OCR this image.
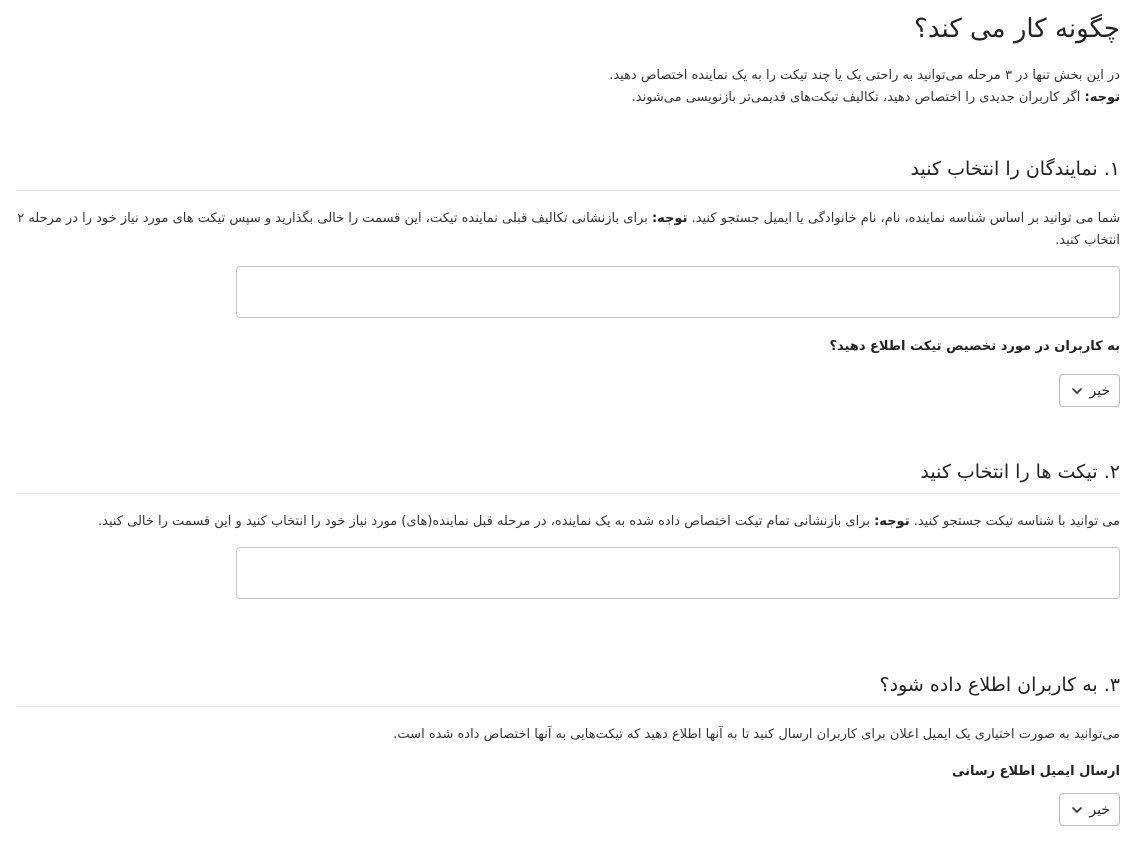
چگونه کار می کند؟
در این بخش تنها در ۳ مرحله می‌توانید به راحتی یک یا چند تیکت را به یک نماینده اختصاص دهید.
توجه: اگر کاربران جدیدی را اختصاص دهید، تکالیف تیکت‌های قدیمی‌تر بازنویسی می‌شوند.
۱. نمایندگان را انتخاب کنید
شما می توانید بر اساس شناسه نماینده، نام، نام خانوادگی یا ایمیل جستجو کنید. توجه: برای بازنشانی تکالیف قبلی نماینده تیکت، این قسمت را خالی بگذارید و سپس تیکت های مورد نیاز خود را در مرحله ۲ انتخاب کنید.
به کاربران در مورد تخصیص تیکت اطلاع دهید؟
خیر
۲. تیکت ها را انتخاب کنید
می توانید با شناسه تیکت جستجو کنید. توجه: برای بازنشانی تمام تیکت اختصاص داده شده به یک نماینده، در مرحله قبل نماینده(های) مورد نیاز خود را انتخاب کنید و این قسمت را خالی کنید.
۳. به کاربران اطلاع داده شود؟
می‌توانید به صورت اختیاری یک ایمیل اعلان برای کاربران ارسال کنید تا به آنها اطلاع دهید که تیکت‌هایی به آنها اختصاص داده شده است.
ارسال ایمیل اطلاع رسانی
خیر
